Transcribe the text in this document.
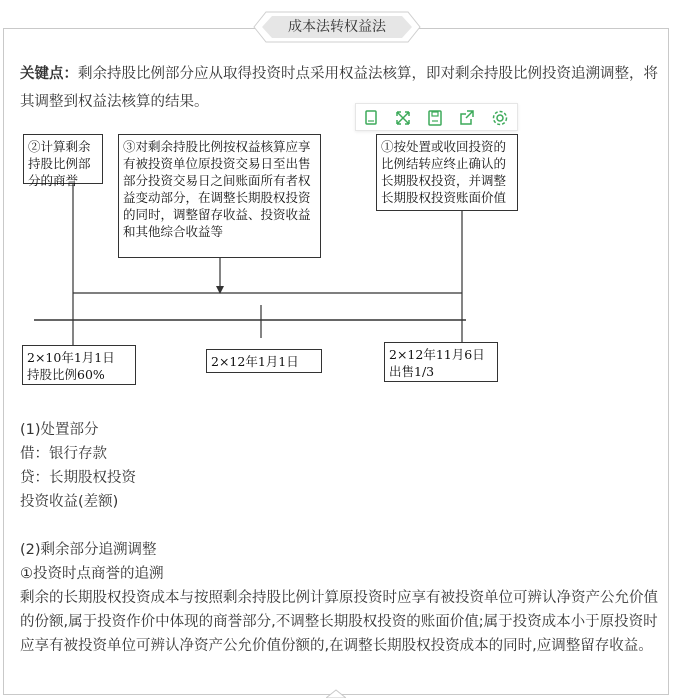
成本法转权益法
关键点：剩余持股比例部分应从取得投资时点采用权益法核算，即对剩余持股比例投资追溯调整，将其调整到权益法核算的结果。
②计算剩余持股比例部分的商誉
③对剩余持股比例按权益核算应享有被投资单位原投资交易日至出售部分投资交易日之间账面所有者权益变动部分，在调整长期股权投资的同时，调整留存收益、投资收益和其他综合收益等
①按处置或收回投资的比例结转应终止确认的长期股权投资，并调整长期股权投资账面价值
2×10年1月1日
持股比例60%
2×12年1月1日	2×12年11月6日
出售1/3
(1)处置部分
借：银行存款
贷：长期股权投资
投资收益(差额)
(2)剩余部分追溯调整
①投资时点商誉的追溯
剩余的长期股权投资成本与按照剩余持股比例计算原投资时应享有被投资单位可辨认净资产公允价值的份额,属于投资作价中体现的商誉部分,不调整长期股权投资的账面价值;属于投资成本小于原投资时应享有被投资单位可辨认净资产公允价值份额的,在调整长期股权投资成本的同时,应调整留存收益。
